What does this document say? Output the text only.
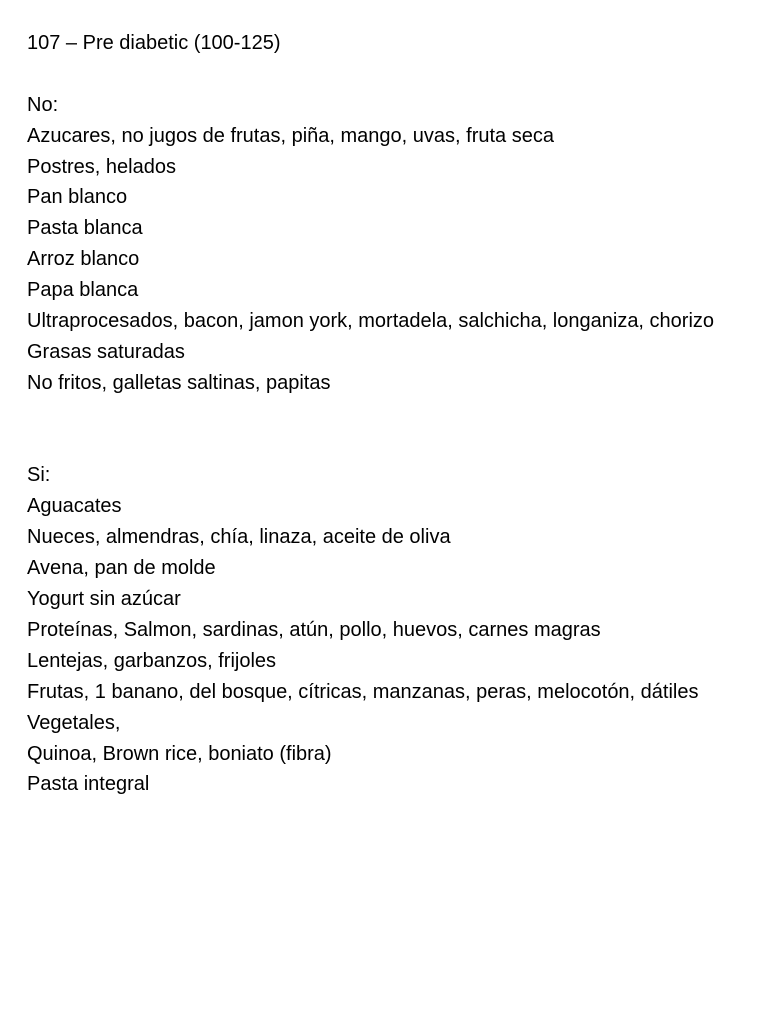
107 – Pre diabetic (100-125)
No:
Azucares, no jugos de frutas, piña, mango, uvas, fruta seca
Postres, helados
Pan blanco
Pasta blanca
Arroz blanco
Papa blanca
Ultraprocesados, bacon, jamon york, mortadela, salchicha, longaniza, chorizo
Grasas saturadas
No fritos, galletas saltinas, papitas
Si:
Aguacates
Nueces, almendras, chía, linaza, aceite de oliva
Avena, pan de molde
Yogurt sin azúcar
Proteínas, Salmon, sardinas, atún, pollo, huevos, carnes magras
Lentejas, garbanzos, frijoles
Frutas, 1 banano, del bosque, cítricas, manzanas, peras, melocotón, dátiles
Vegetales,
Quinoa, Brown rice, boniato (fibra)
Pasta integral
